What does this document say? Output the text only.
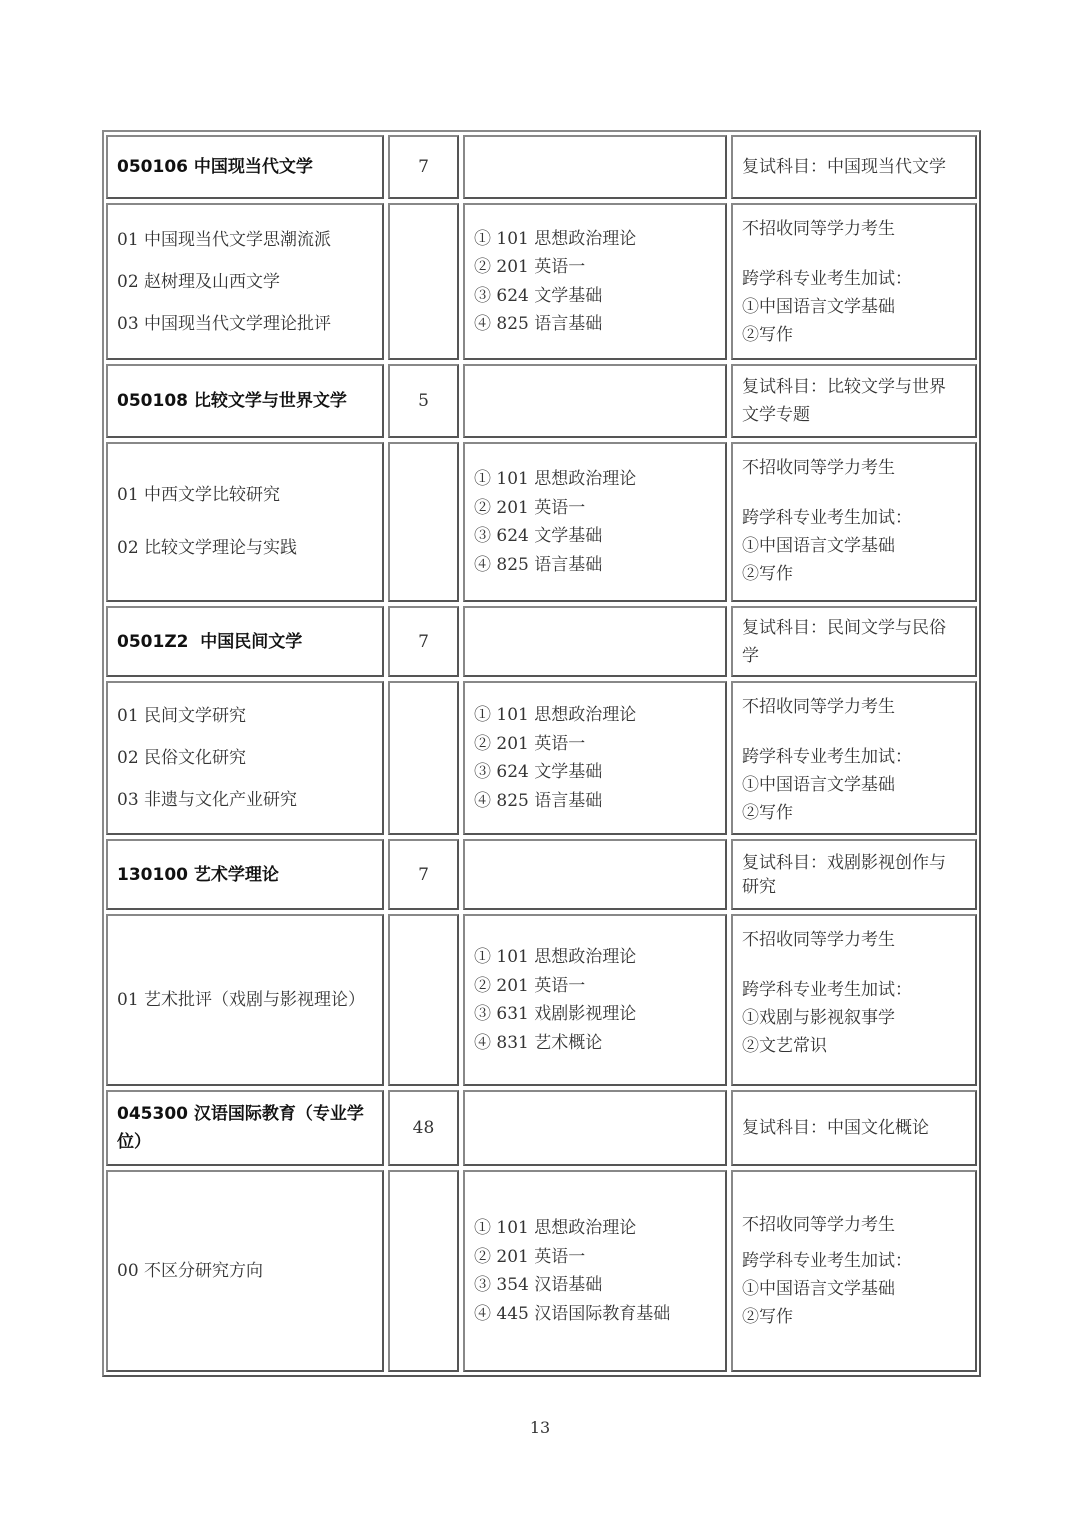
050106 中国现当代文学	7		复试科目：中国现当代文学

01 中国现当代文学思潮流派
02 赵树理及山西文学
03 中国现当代文学理论批评		① 101 思想政治理论
② 201 英语一
③ 624 文学基础
④ 825 语言基础	不招收同等学力考生
跨学科专业考生加试：
①中国语言文学基础
②写作

050108 比较文学与世界文学	5		复试科目：比较文学与世界
文学专题

01 中西文学比较研究
02 比较文学理论与实践		① 101 思想政治理论
② 201 英语一
③ 624 文学基础
④ 825 语言基础	不招收同等学力考生
跨学科专业考生加试：
①中国语言文学基础
②写作

0501Z2  中国民间文学	7		复试科目：民间文学与民俗
学

01 民间文学研究
02 民俗文化研究
03 非遗与文化产业研究		① 101 思想政治理论
② 201 英语一
③ 624 文学基础
④ 825 语言基础	不招收同等学力考生
跨学科专业考生加试：
①中国语言文学基础
②写作

130100 艺术学理论	7		复试科目：戏剧影视创作与
研究

01 艺术批评（戏剧与影视理论）		① 101 思想政治理论
② 201 英语一
③ 631 戏剧影视理论
④ 831 艺术概论	不招收同等学力考生
跨学科专业考生加试：
①戏剧与影视叙事学
②文艺常识

045300 汉语国际教育（专业学位）	48		复试科目：中国文化概论

00 不区分研究方向		① 101 思想政治理论
② 201 英语一
③ 354 汉语基础
④ 445 汉语国际教育基础	不招收同等学力考生
跨学科专业考生加试：
①中国语言文学基础
②写作
13
